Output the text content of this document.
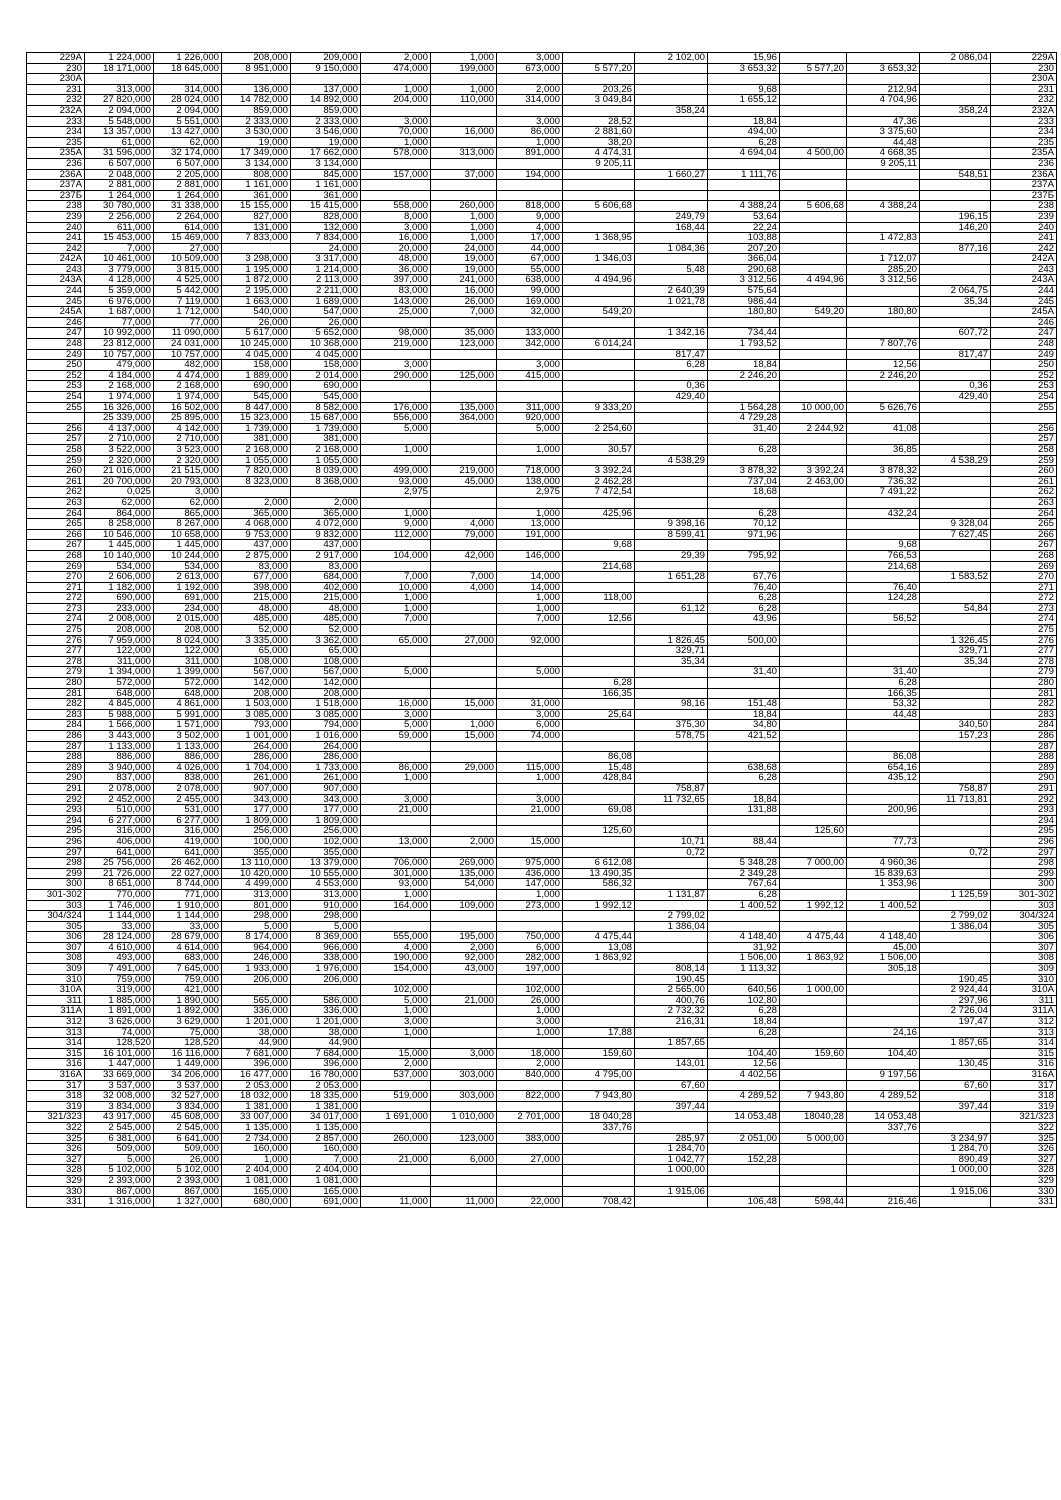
229А	1 224,000	1 226,000	208,000	209,000	2,000	1,000	3,000		2 102,00	15,96			2 086,04	229А
230	18 171,000	18 645,000	8 951,000	9 150,000	474,000	199,000	673,000	5 577,20		3 653,32	5 577,20	3 653,32		230
230А														230А
231	313,000	314,000	136,000	137,000	1,000	1,000	2,000	203,26		9,68		212,94		231
232	27 820,000	28 024,000	14 782,000	14 892,000	204,000	110,000	314,000	3 049,84		1 655,12		4 704,96		232
232А	2 094,000	2 094,000	859,000	859,000					358,24				358,24	232А
233	5 548,000	5 551,000	2 333,000	2 333,000	3,000		3,000	28,52		18,84		47,36		233
234	13 357,000	13 427,000	3 530,000	3 546,000	70,000	16,000	86,000	2 881,60		494,00		3 375,60		234
235	61,000	62,000	19,000	19,000	1,000		1,000	38,20		6,28		44,48		235
235А	31 596,000	32 174,000	17 349,000	17 662,000	578,000	313,000	891,000	4 474,31		4 694,04	4 500,00	4 668,35		235А
236	6 507,000	6 507,000	3 134,000	3 134,000				9 205,11				9 205,11		236
236А	2 048,000	2 205,000	808,000	845,000	157,000	37,000	194,000		1 660,27	1 111,76			548,51	236А
237А	2 881,000	2 881,000	1 161,000	1 161,000										237А
237Б	1 264,000	1 264,000	361,000	361,000										237Б
238	30 780,000	31 338,000	15 155,000	15 415,000	558,000	260,000	818,000	5 606,68		4 388,24	5 606,68	4 388,24		238
239	2 256,000	2 264,000	827,000	828,000	8,000	1,000	9,000		249,79	53,64			196,15	239
240	611,000	614,000	131,000	132,000	3,000	1,000	4,000		168,44	22,24			146,20	240
241	15 453,000	15 469,000	7 833,000	7 834,000	16,000	1,000	17,000	1 368,95		103,88		1 472,83		241
242	7,000	27,000		24,000	20,000	24,000	44,000		1 084,36	207,20			877,16	242
242А	10 461,000	10 509,000	3 298,000	3 317,000	48,000	19,000	67,000	1 346,03		366,04		1 712,07		242А
243	3 779,000	3 815,000	1 195,000	1 214,000	36,000	19,000	55,000		5,48	290,68		285,20		243
243А	4 128,000	4 525,000	1 872,000	2 113,000	397,000	241,000	638,000	4 494,96		3 312,56	4 494,96	3 312,56		243А
244	5 359,000	5 442,000	2 195,000	2 211,000	83,000	16,000	99,000		2 640,39	575,64			2 064,75	244
245	6 976,000	7 119,000	1 663,000	1 689,000	143,000	26,000	169,000		1 021,78	986,44			35,34	245
245А	1 687,000	1 712,000	540,000	547,000	25,000	7,000	32,000	549,20		180,80	549,20	180,80		245А
246	77,000	77,000	26,000	26,000										246
247	10 992,000	11 090,000	5 617,000	5 652,000	98,000	35,000	133,000		1 342,16	734,44			607,72	247
248	23 812,000	24 031,000	10 245,000	10 368,000	219,000	123,000	342,000	6 014,24		1 793,52		7 807,76		248
249	10 757,000	10 757,000	4 045,000	4 045,000					817,47				817,47	249
250	479,000	482,000	158,000	158,000	3,000		3,000		6,28	18,84		12,56		250
252	4 184,000	4 474,000	1 889,000	2 014,000	290,000	125,000	415,000			2 246,20		2 246,20		252
253	2 168,000	2 168,000	690,000	690,000					0,36				0,36	253
254	1 974,000	1 974,000	545,000	545,000					429,40				429,40	254
255	16 326,000	16 502,000	8 447,000	8 582,000	176,000	135,000	311,000	9 333,20		1 564,28	10 000,00	5 626,76		255
	25 339,000	25 895,000	15 323,000	15 687,000	556,000	364,000	920,000			4 729,28				
256	4 137,000	4 142,000	1 739,000	1 739,000	5,000		5,000	2 254,60		31,40	2 244,92	41,08		256
257	2 710,000	2 710,000	381,000	381,000										257
258	3 522,000	3 523,000	2 168,000	2 168,000	1,000		1,000	30,57		6,28		36,85		258
259	2 320,000	2 320,000	1 055,000	1 055,000					4 538,29				4 538,29	259
260	21 016,000	21 515,000	7 820,000	8 039,000	499,000	219,000	718,000	3 392,24		3 878,32	3 392,24	3 878,32		260
261	20 700,000	20 793,000	8 323,000	8 368,000	93,000	45,000	138,000	2 462,28		737,04	2 463,00	736,32		261
262	0,025	3,000			2,975		2,975	7 472,54		18,68		7 491,22		262
263	62,000	62,000	2,000	2,000										263
264	864,000	865,000	365,000	365,000	1,000		1,000	425,96		6,28		432,24		264
265	8 258,000	8 267,000	4 068,000	4 072,000	9,000	4,000	13,000		9 398,16	70,12			9 328,04	265
266	10 546,000	10 658,000	9 753,000	9 832,000	112,000	79,000	191,000		8 599,41	971,96			7 627,45	266
267	1 445,000	1 445,000	437,000	437,000				9,68				9,68		267
268	10 140,000	10 244,000	2 875,000	2 917,000	104,000	42,000	146,000		29,39	795,92		766,53		268
269	534,000	534,000	83,000	83,000				214,68				214,68		269
270	2 606,000	2 613,000	677,000	684,000	7,000	7,000	14,000		1 651,28	67,76			1 583,52	270
271	1 182,000	1 192,000	398,000	402,000	10,000	4,000	14,000			76,40		76,40		271
272	690,000	691,000	215,000	215,000	1,000		1,000	118,00		6,28		124,28		272
273	233,000	234,000	48,000	48,000	1,000		1,000		61,12	6,28			54,84	273
274	2 008,000	2 015,000	485,000	485,000	7,000		7,000	12,56		43,96		56,52		274
275	208,000	208,000	52,000	52,000										275
276	7 959,000	8 024,000	3 335,000	3 362,000	65,000	27,000	92,000		1 826,45	500,00			1 326,45	276
277	122,000	122,000	65,000	65,000					329,71				329,71	277
278	311,000	311,000	108,000	108,000					35,34				35,34	278
279	1 394,000	1 399,000	567,000	567,000	5,000		5,000			31,40		31,40		279
280	572,000	572,000	142,000	142,000				6,28				6,28		280
281	648,000	648,000	208,000	208,000				166,35				166,35		281
282	4 845,000	4 861,000	1 503,000	1 518,000	16,000	15,000	31,000		98,16	151,48		53,32		282
283	5 988,000	5 991,000	3 085,000	3 085,000	3,000		3,000	25,64		18,84		44,48		283
284	1 566,000	1 571,000	793,000	794,000	5,000	1,000	6,000		375,30	34,80			340,50	284
286	3 443,000	3 502,000	1 001,000	1 016,000	59,000	15,000	74,000		578,75	421,52			157,23	286
287	1 133,000	1 133,000	264,000	264,000										287
288	886,000	886,000	286,000	286,000				86,08				86,08		288
289	3 940,000	4 026,000	1 704,000	1 733,000	86,000	29,000	115,000	15,48		638,68		654,16		289
290	837,000	838,000	261,000	261,000	1,000		1,000	428,84		6,28		435,12		290
291	2 078,000	2 078,000	907,000	907,000					758,87				758,87	291
292	2 452,000	2 455,000	343,000	343,000	3,000		3,000		11 732,65	18,84			11 713,81	292
293	510,000	531,000	177,000	177,000	21,000		21,000	69,08		131,88		200,96		293
294	6 277,000	6 277,000	1 809,000	1 809,000										294
295	316,000	316,000	256,000	256,000				125,60			125,60			295
296	406,000	419,000	100,000	102,000	13,000	2,000	15,000		10,71	88,44		77,73		296
297	641,000	641,000	355,000	355,000					0,72				0,72	297
298	25 756,000	26 462,000	13 110,000	13 379,000	706,000	269,000	975,000	6 612,08		5 348,28	7 000,00	4 960,36		298
299	21 726,000	22 027,000	10 420,000	10 555,000	301,000	135,000	436,000	13 490,35		2 349,28		15 839,63		299
300	8 651,000	8 744,000	4 499,000	4 553,000	93,000	54,000	147,000	586,32		767,64		1 353,96		300
301-302	770,000	771,000	313,000	313,000	1,000		1,000		1 131,87	6,28			1 125,59	301-302
303	1 746,000	1 910,000	801,000	910,000	164,000	109,000	273,000	1 992,12		1 400,52	1 992,12	1 400,52		303
304/324	1 144,000	1 144,000	298,000	298,000					2 799,02				2 799,02	304/324
305	33,000	33,000	5,000	5,000					1 386,04				1 386,04	305
306	28 124,000	28 679,000	8 174,000	8 369,000	555,000	195,000	750,000	4 475,44		4 148,40	4 475,44	4 148,40		306
307	4 610,000	4 614,000	964,000	966,000	4,000	2,000	6,000	13,08		31,92		45,00		307
308	493,000	683,000	246,000	338,000	190,000	92,000	282,000	1 863,92		1 506,00	1 863,92	1 506,00		308
309	7 491,000	7 645,000	1 933,000	1 976,000	154,000	43,000	197,000		808,14	1 113,32		305,18		309
310	759,000	759,000	206,000	206,000					190,45				190,45	310
310А	319,000	421,000			102,000		102,000		2 565,00	640,56	1 000,00		2 924,44	310А
311	1 885,000	1 890,000	565,000	586,000	5,000	21,000	26,000		400,76	102,80			297,96	311
311А	1 891,000	1 892,000	336,000	336,000	1,000		1,000		2 732,32	6,28			2 726,04	311А
312	3 626,000	3 629,000	1 201,000	1 201,000	3,000		3,000		216,31	18,84			197,47	312
313	74,000	75,000	38,000	38,000	1,000		1,000	17,88		6,28		24,16		313
314	128,520	128,520	44,900	44,900					1 857,65				1 857,65	314
315	16 101,000	16 116,000	7 681,000	7 684,000	15,000	3,000	18,000	159,60		104,40	159,60	104,40		315
316	1 447,000	1 449,000	396,000	396,000	2,000		2,000		143,01	12,56			130,45	316
316А	33 669,000	34 206,000	16 477,000	16 780,000	537,000	303,000	840,000	4 795,00		4 402,56		9 197,56		316А
317	3 537,000	3 537,000	2 053,000	2 053,000					67,60				67,60	317
318	32 008,000	32 527,000	18 032,000	18 335,000	519,000	303,000	822,000	7 943,80		4 289,52	7 943,80	4 289,52		318
319	3 834,000	3 834,000	1 381,000	1 381,000					397,44				397,44	319
321/323	43 917,000	45 608,000	33 007,000	34 017,000	1 691,000	1 010,000	2 701,000	18 040,28		14 053,48	18040,28	14 053,48		321/323
322	2 545,000	2 545,000	1 135,000	1 135,000				337,76				337,76		322
325	6 381,000	6 641,000	2 734,000	2 857,000	260,000	123,000	383,000		285,97	2 051,00	5 000,00		3 234,97	325
326	509,000	509,000	160,000	160,000					1 284,70				1 284,70	326
327	5,000	26,000	1,000	7,000	21,000	6,000	27,000		1 042,77	152,28			890,49	327
328	5 102,000	5 102,000	2 404,000	2 404,000					1 000,00				1 000,00	328
329	2 393,000	2 393,000	1 081,000	1 081,000										329
330	867,000	867,000	165,000	165,000					1 915,06				1 915,06	330
331	1 316,000	1 327,000	680,000	691,000	11,000	11,000	22,000	708,42		106,48	598,44	216,46		331
